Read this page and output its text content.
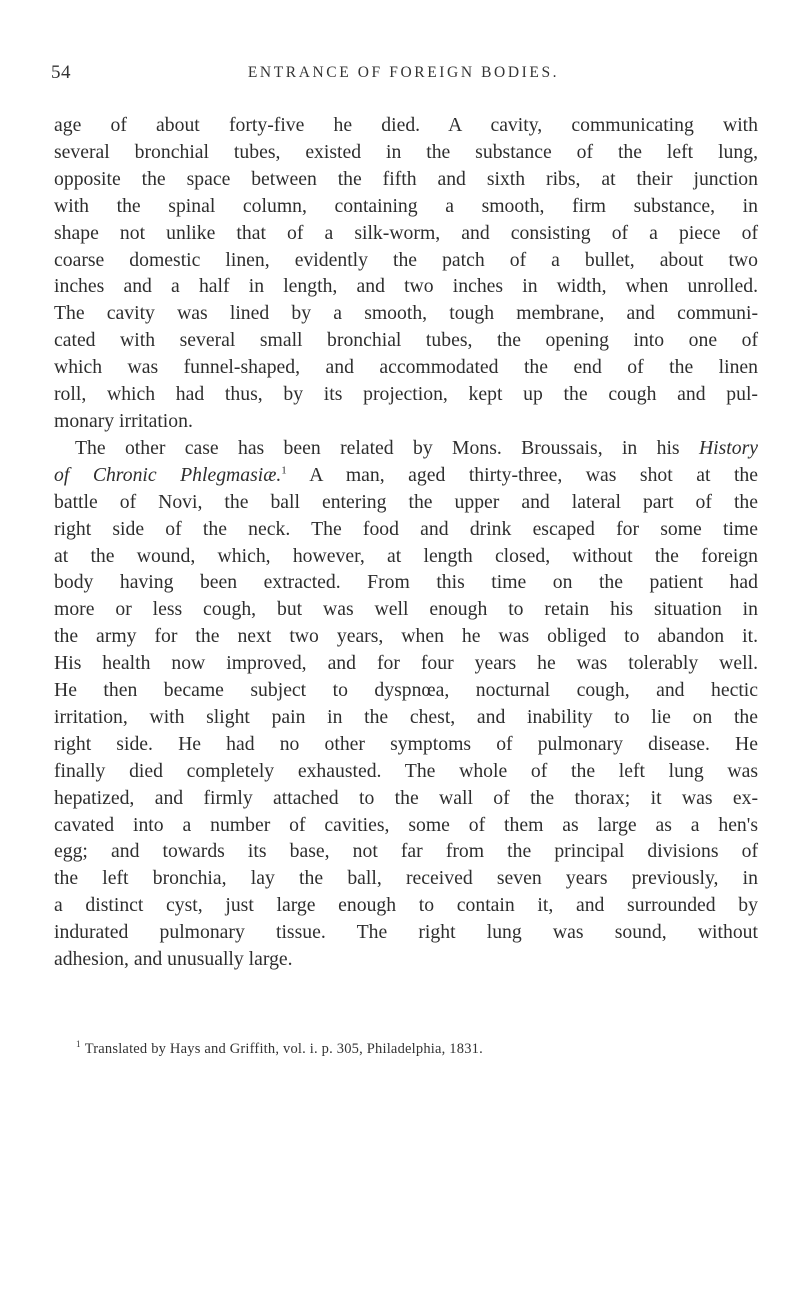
54	ENTRANCE OF FOREIGN BODIES.

age of about forty-five he died. A cavity, communicating with
several bronchial tubes, existed in the substance of the left lung,
opposite the space between the fifth and sixth ribs, at their junction
with the spinal column, containing a smooth, firm substance, in
shape not unlike that of a silk-worm, and consisting of a piece of
coarse domestic linen, evidently the patch of a bullet, about two
inches and a half in length, and two inches in width, when unrolled.
The cavity was lined by a smooth, tough membrane, and communi-
cated with several small bronchial tubes, the opening into one of
which was funnel-shaped, and accommodated the end of the linen
roll, which had thus, by its projection, kept up the cough and pul-
monary irritation.

The other case has been related by Mons. Broussais, in his History
of Chronic Phlegmasiæ.$^1$ A man, aged thirty-three, was shot at the
battle of Novi, the ball entering the upper and lateral part of the
right side of the neck. The food and drink escaped for some time
at the wound, which, however, at length closed, without the foreign
body having been extracted. From this time on the patient had
more or less cough, but was well enough to retain his situation in
the army for the next two years, when he was obliged to abandon it.
His health now improved, and for four years he was tolerably well.
He then became subject to dyspnœa, nocturnal cough, and hectic
irritation, with slight pain in the chest, and inability to lie on the
right side. He had no other symptoms of pulmonary disease. He
finally died completely exhausted. The whole of the left lung was
hepatized, and firmly attached to the wall of the thorax; it was ex-
cavated into a number of cavities, some of them as large as a hen's
egg; and towards its base, not far from the principal divisions of
the left bronchia, lay the ball, received seven years previously, in
a distinct cyst, just large enough to contain it, and surrounded by
indurated pulmonary tissue. The right lung was sound, without
adhesion, and unusually large.

$^1$ Translated by Hays and Griffith, vol. i. p. 305, Philadelphia, 1831.
